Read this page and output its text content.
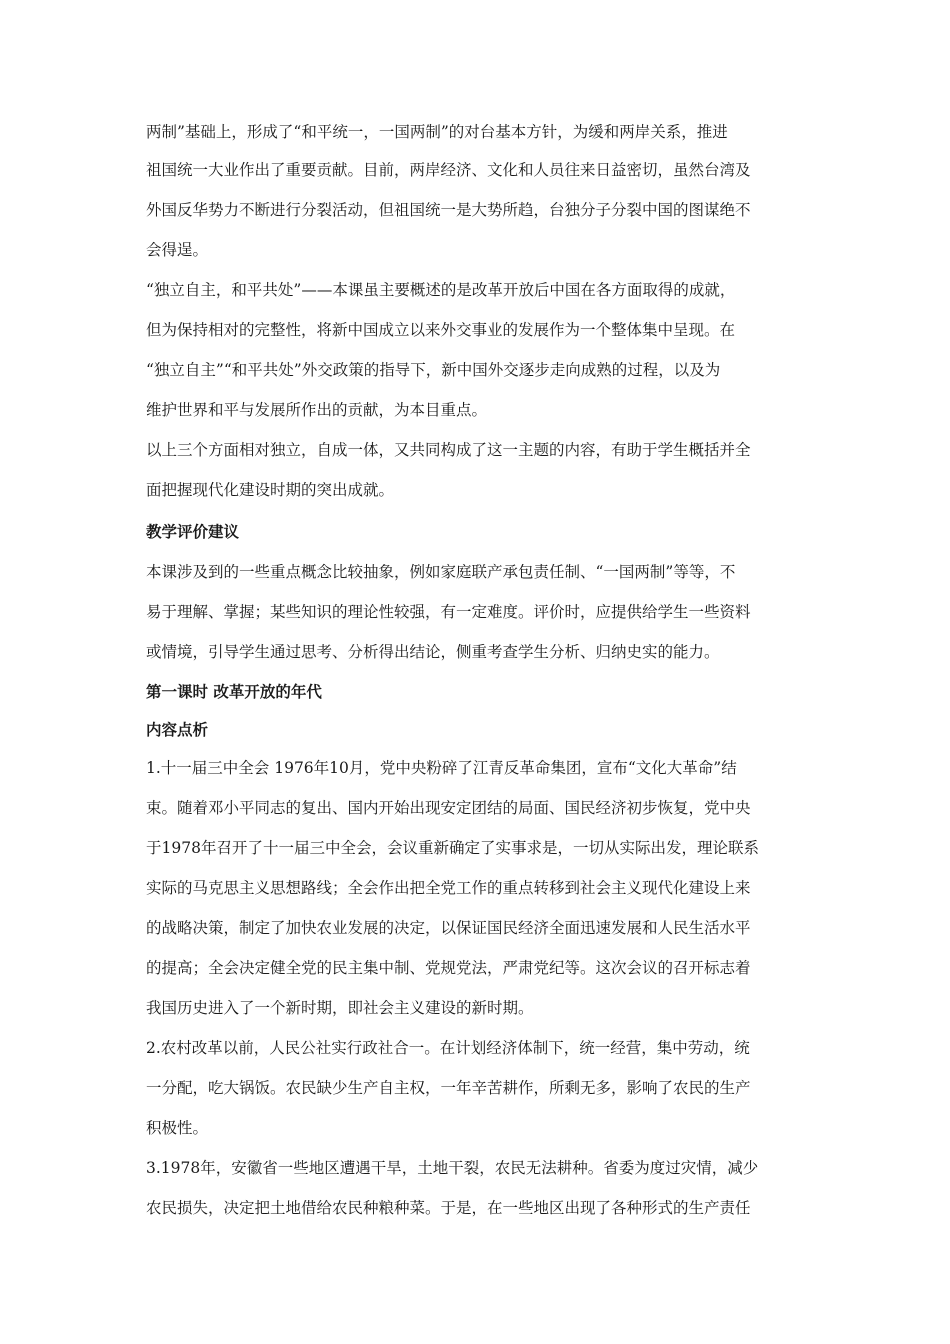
两制”基础上，形成了“和平统一，一国两制”的对台基本方针，为缓和两岸关系，推进

祖国统一大业作出了重要贡献。目前，两岸经济、文化和人员往来日益密切，虽然台湾及

外国反华势力不断进行分裂活动，但祖国统一是大势所趋，台独分子分裂中国的图谋绝不

会得逞。

“独立自主，和平共处”——本课虽主要概述的是改革开放后中国在各方面取得的成就，

但为保持相对的完整性，将新中国成立以来外交事业的发展作为一个整体集中呈现。在

“独立自主”“和平共处”外交政策的指导下，新中国外交逐步走向成熟的过程，以及为

维护世界和平与发展所作出的贡献，为本目重点。

以上三个方面相对独立，自成一体，又共同构成了这一主题的内容，有助于学生概括并全

面把握现代化建设时期的突出成就。

教学评价建议

本课涉及到的一些重点概念比较抽象，例如家庭联产承包责任制、“一国两制”等等，不

易于理解、掌握；某些知识的理论性较强，有一定难度。评价时，应提供给学生一些资料

或情境，引导学生通过思考、分析得出结论，侧重考查学生分析、归纳史实的能力。

第一课时 改革开放的年代

内容点析

1.十一届三中全会 1976年10月，党中央粉碎了江青反革命集团，宣布“文化大革命”结

束。随着邓小平同志的复出、国内开始出现安定团结的局面、国民经济初步恢复，党中央

于1978年召开了十一届三中全会，会议重新确定了实事求是，一切从实际出发，理论联系

实际的马克思主义思想路线；全会作出把全党工作的重点转移到社会主义现代化建设上来

的战略决策，制定了加快农业发展的决定，以保证国民经济全面迅速发展和人民生活水平

的提高；全会决定健全党的民主集中制、党规党法，严肃党纪等。这次会议的召开标志着

我国历史进入了一个新时期，即社会主义建设的新时期。

2.农村改革以前，人民公社实行政社合一。在计划经济体制下，统一经营，集中劳动，统

一分配，吃大锅饭。农民缺少生产自主权，一年辛苦耕作，所剩无多，影响了农民的生产

积极性。

3.1978年，安徽省一些地区遭遇干旱，土地干裂，农民无法耕种。省委为度过灾情，减少

农民损失，决定把土地借给农民种粮种菜。于是，在一些地区出现了各种形式的生产责任
